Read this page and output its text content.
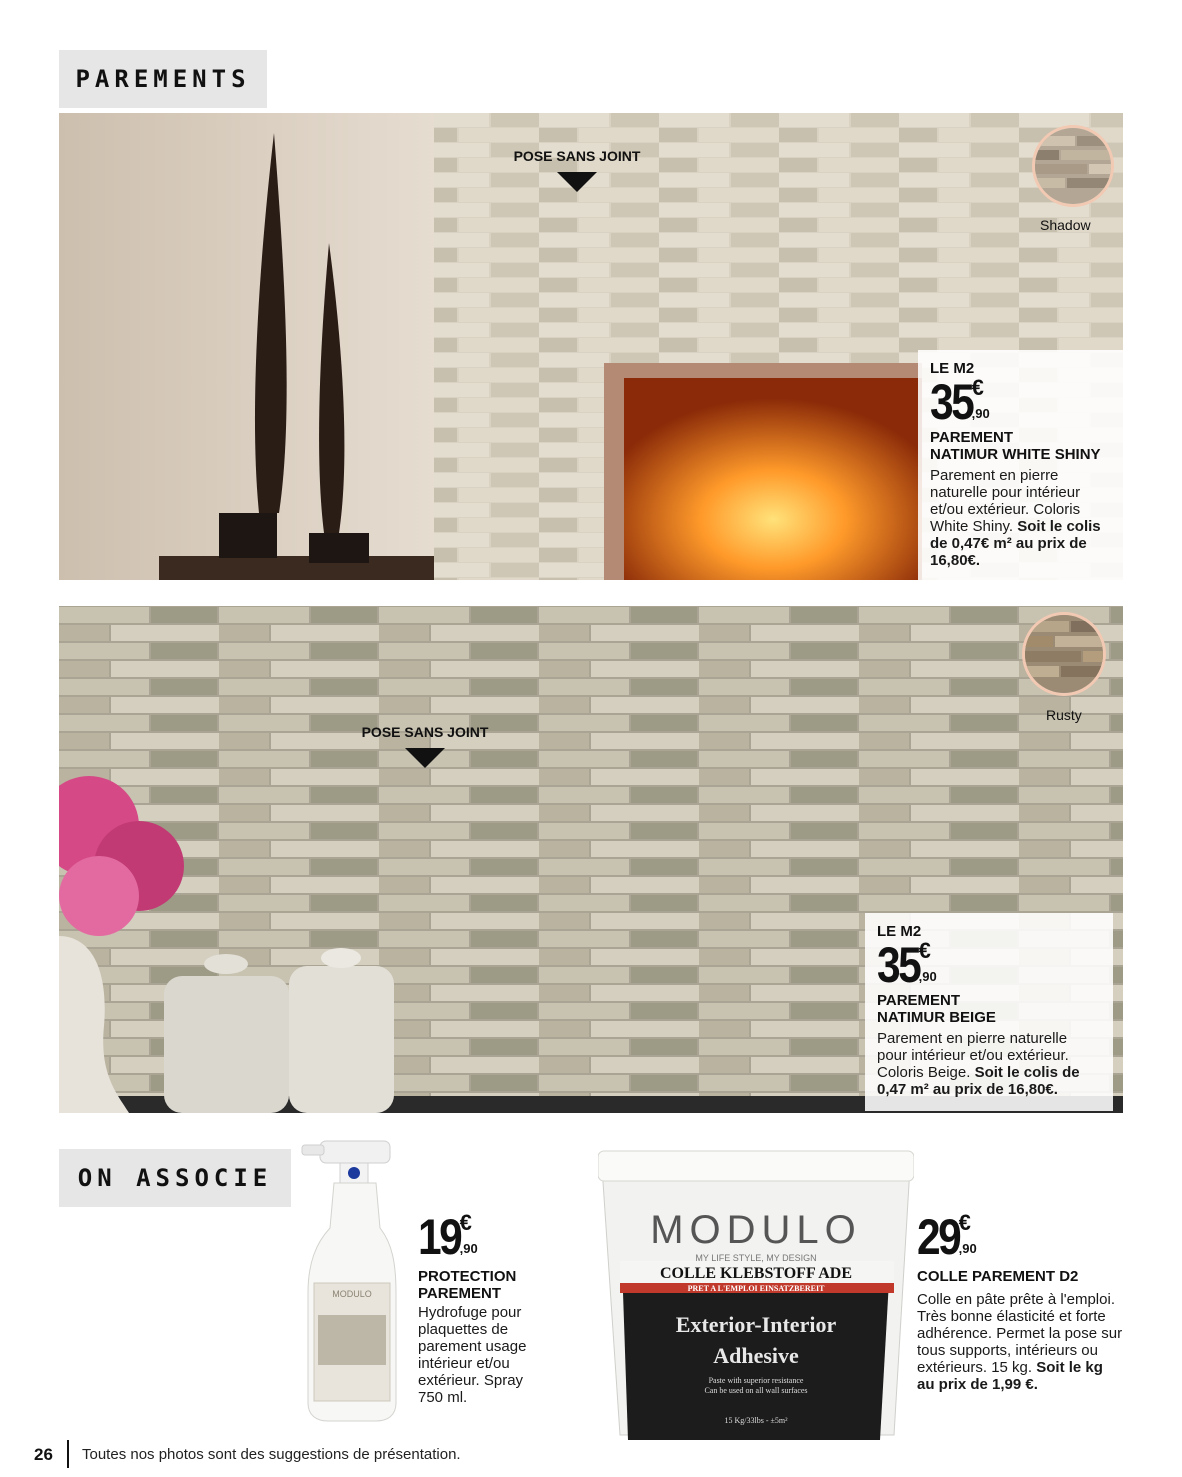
PAREMENTS
POSE SANS JOINT
Shadow
LE M2
35 €
,90
PAREMENT
NATIMUR WHITE SHINY
Parement en pierre naturelle pour intérieur et/ou extérieur. Coloris White Shiny. Soit le colis de 0,47€ m² au prix de 16,80€.
POSE SANS JOINT
Rusty
LE M2
35 €
,90
PAREMENT
NATIMUR BEIGE
Parement en pierre naturelle pour intérieur et/ou extérieur. Coloris Beige. Soit le colis de 0,47 m² au prix de 16,80€.
ON ASSOCIE
MODULO
19 €
,90
PROTECTION
PAREMENT
Hydrofuge pour plaquettes de parement usage intérieur et/ou extérieur. Spray 750 ml.
MODULO
MY LIFE STYLE, MY DESIGN
COLLE KLEBSTOFF ADE
PRET A L'EMPLOI EINSATZBEREIT
Exterior-Interior
Adhesive
Paste with superior resistance
Can be used on all wall surfaces
15 Kg/33lbs - ±5m²
29 €
,90
COLLE PAREMENT D2
Colle en pâte prête à l'emploi. Très bonne élasticité et forte adhérence. Permet la pose sur tous supports, intérieurs ou extérieurs. 15 kg. Soit le kg au prix de 1,99 €.
26 Toutes nos photos sont des suggestions de présentation.
